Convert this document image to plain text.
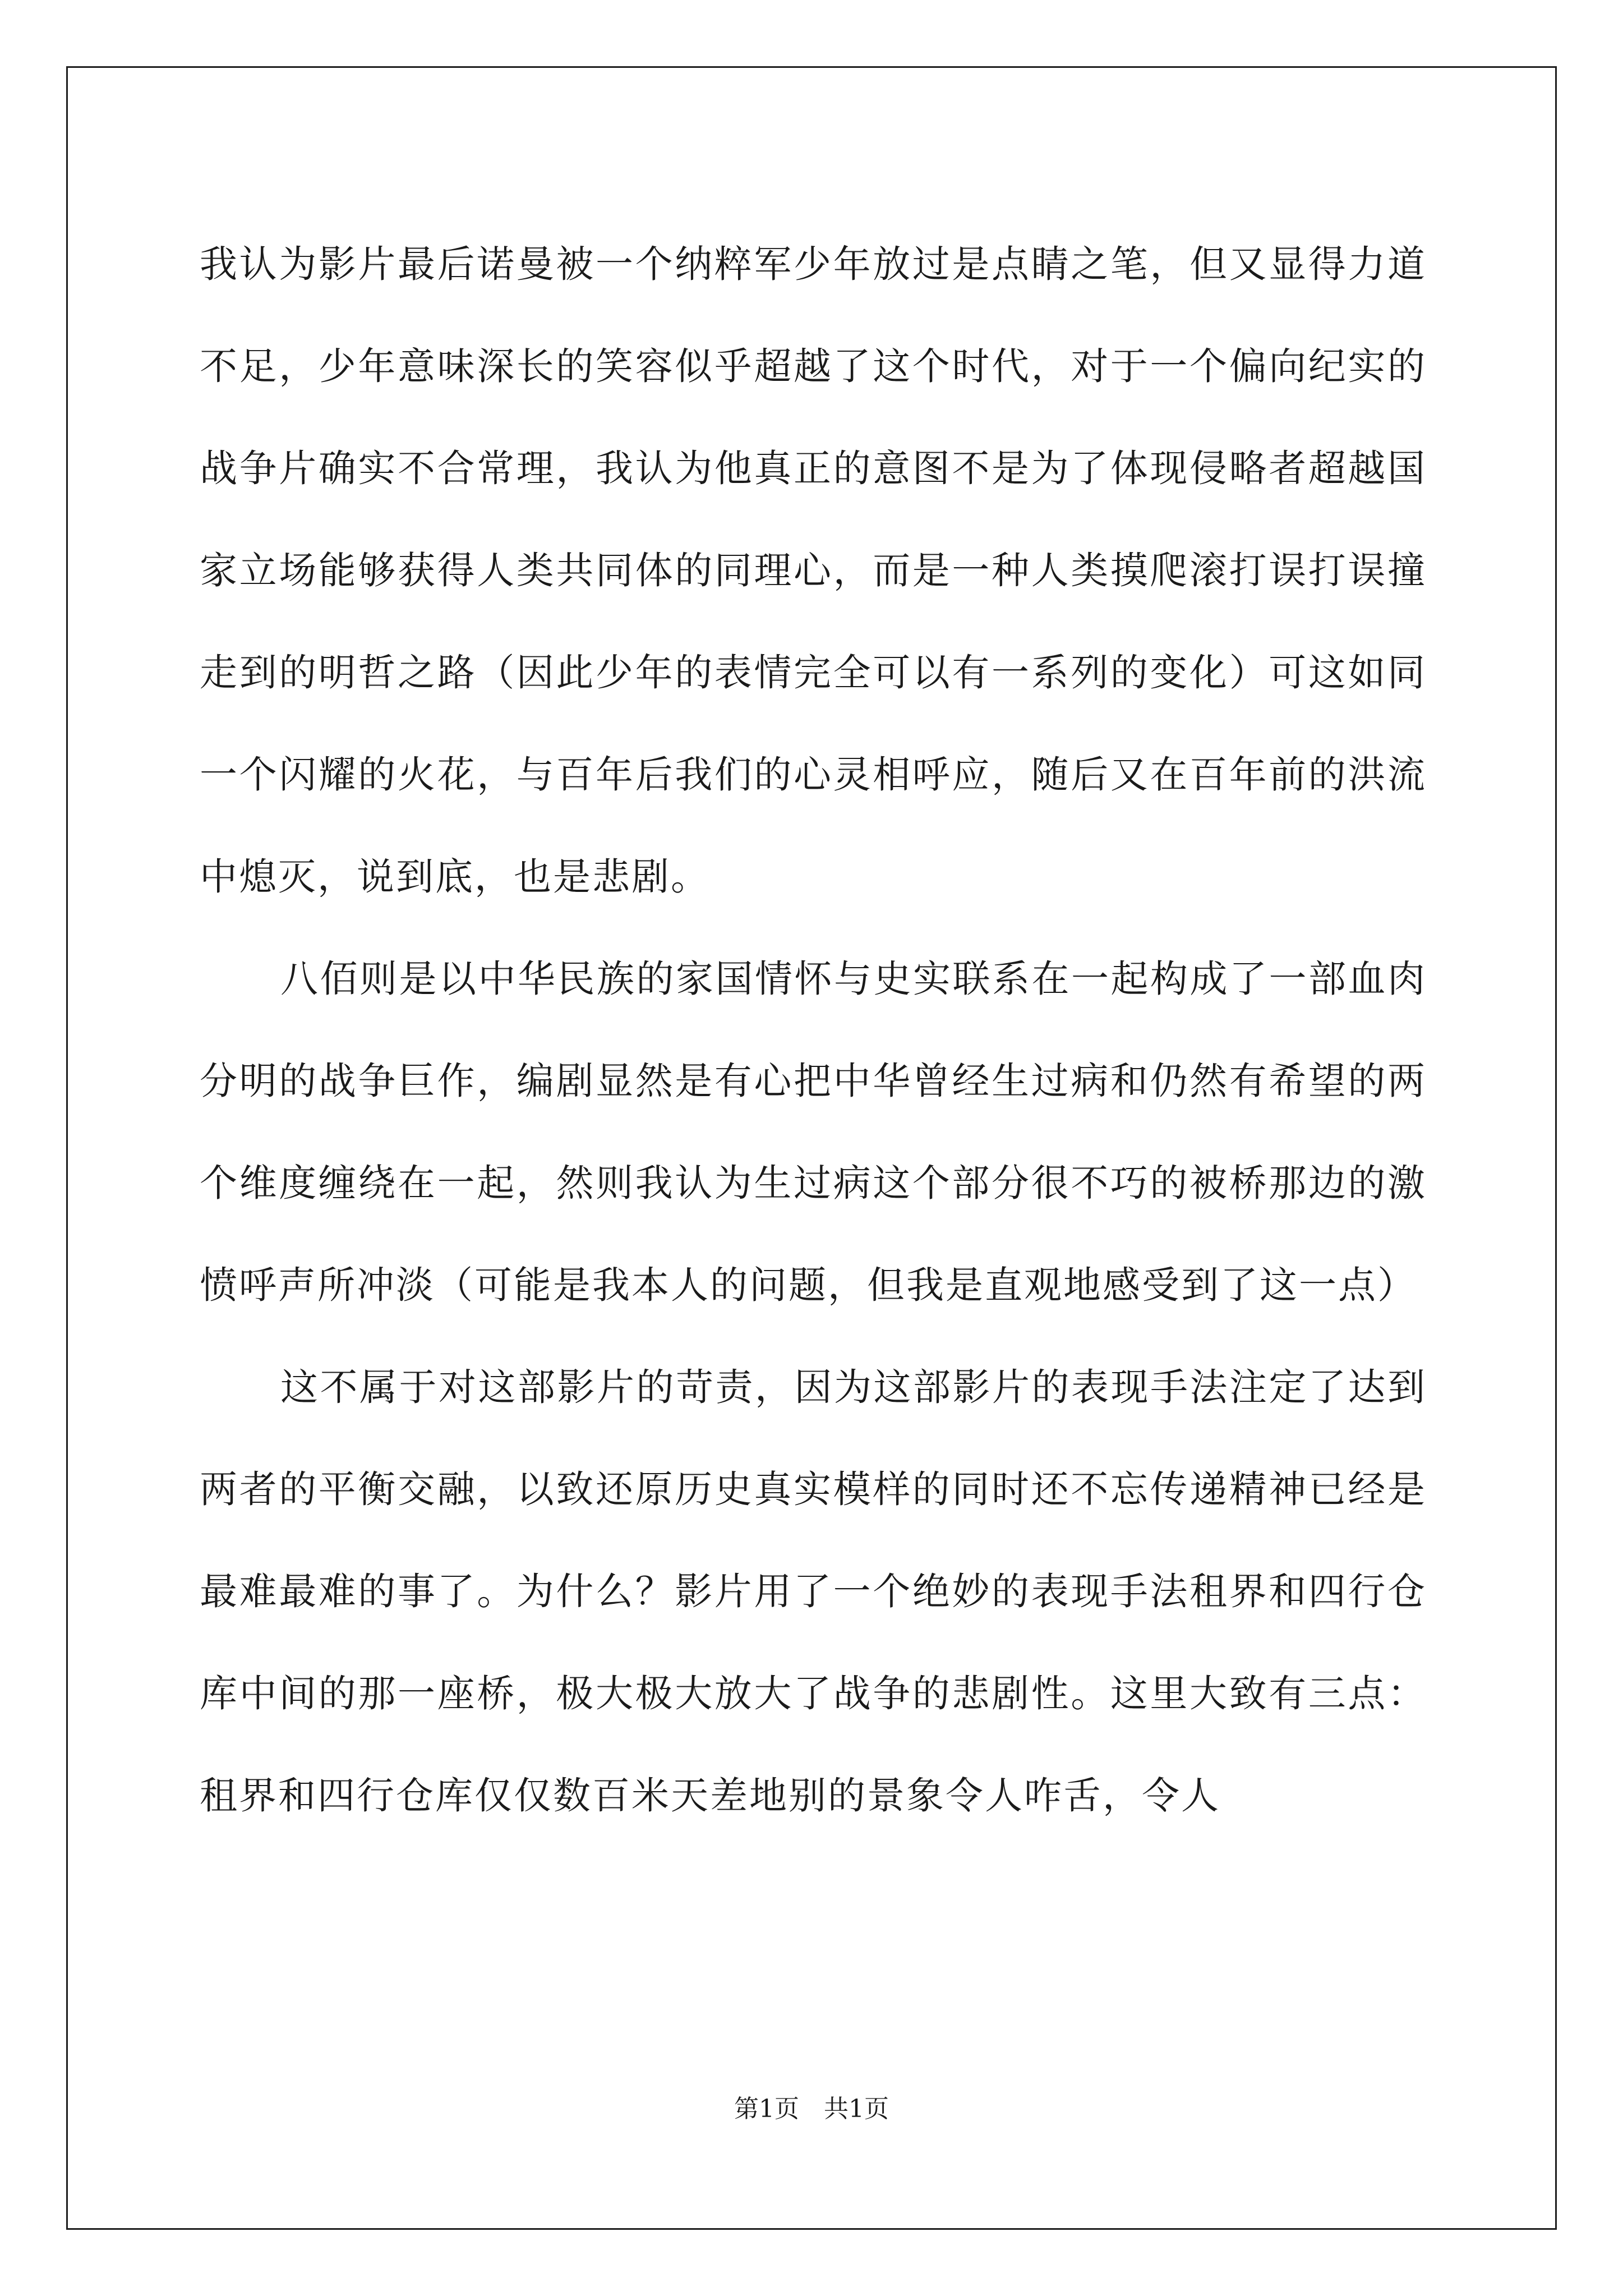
我认为影片最后诺曼被一个纳粹军少年放过是点睛之笔，但又显得力道不足，少年意味深长的笑容似乎超越了这个时代，对于一个偏向纪实的战争片确实不合常理，我认为他真正的意图不是为了体现侵略者超越国家立场能够获得人类共同体的同理心，而是一种人类摸爬滚打误打误撞走到的明哲之路（因此少年的表情完全可以有一系列的变化）可这如同一个闪耀的火花，与百年后我们的心灵相呼应，随后又在百年前的洪流中熄灭，说到底，也是悲剧。

八佰则是以中华民族的家国情怀与史实联系在一起构成了一部血肉分明的战争巨作，编剧显然是有心把中华曾经生过病和仍然有希望的两个维度缠绕在一起，然则我认为生过病这个部分很不巧的被桥那边的激愤呼声所冲淡（可能是我本人的问题，但我是直观地感受到了这一点）

这不属于对这部影片的苛责，因为这部影片的表现手法注定了达到两者的平衡交融，以致还原历史真实模样的同时还不忘传递精神已经是最难最难的事了。为什么？影片用了一个绝妙的表现手法租界和四行仓库中间的那一座桥，极大极大放大了战争的悲剧性。这里大致有三点：租界和四行仓库仅仅数百米天差地别的景象令人咋舌，令人

第1页　共1页
